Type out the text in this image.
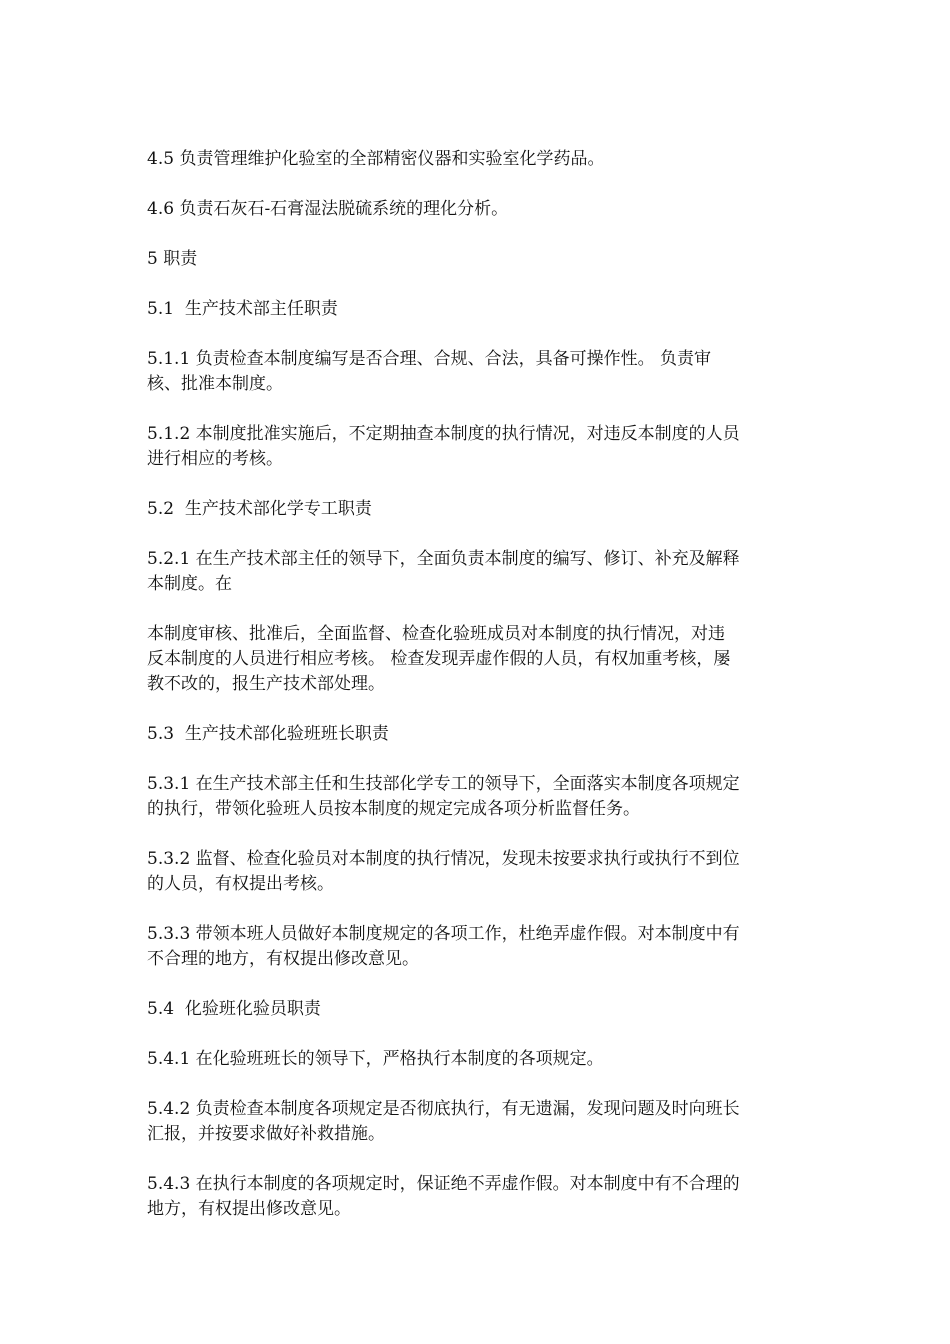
4.5 负责管理维护化验室的全部精密仪器和实验室化学药品。

4.6 负责石灰石-石膏湿法脱硫系统的理化分析。

5 职责

5.1  生产技术部主任职责

5.1.1 负责检查本制度编写是否合理、合规、合法，具备可操作性。 负责审
核、批准本制度。

5.1.2 本制度批准实施后，不定期抽查本制度的执行情况，对违反本制度的人员
进行相应的考核。

5.2  生产技术部化学专工职责

5.2.1 在生产技术部主任的领导下，全面负责本制度的编写、修订、补充及解释
本制度。在

本制度审核、批准后，全面监督、检查化验班成员对本制度的执行情况，对违
反本制度的人员进行相应考核。 检查发现弄虚作假的人员，有权加重考核，屡
教不改的，报生产技术部处理。

5.3  生产技术部化验班班长职责

5.3.1 在生产技术部主任和生技部化学专工的领导下，全面落实本制度各项规定
的执行，带领化验班人员按本制度的规定完成各项分析监督任务。

5.3.2 监督、检查化验员对本制度的执行情况，发现未按要求执行或执行不到位
的人员，有权提出考核。

5.3.3 带领本班人员做好本制度规定的各项工作，杜绝弄虚作假。对本制度中有
不合理的地方，有权提出修改意见。

5.4  化验班化验员职责

5.4.1 在化验班班长的领导下，严格执行本制度的各项规定。

5.4.2 负责检查本制度各项规定是否彻底执行，有无遗漏，发现问题及时向班长
汇报，并按要求做好补救措施。

5.4.3 在执行本制度的各项规定时，保证绝不弄虚作假。对本制度中有不合理的
地方，有权提出修改意见。
